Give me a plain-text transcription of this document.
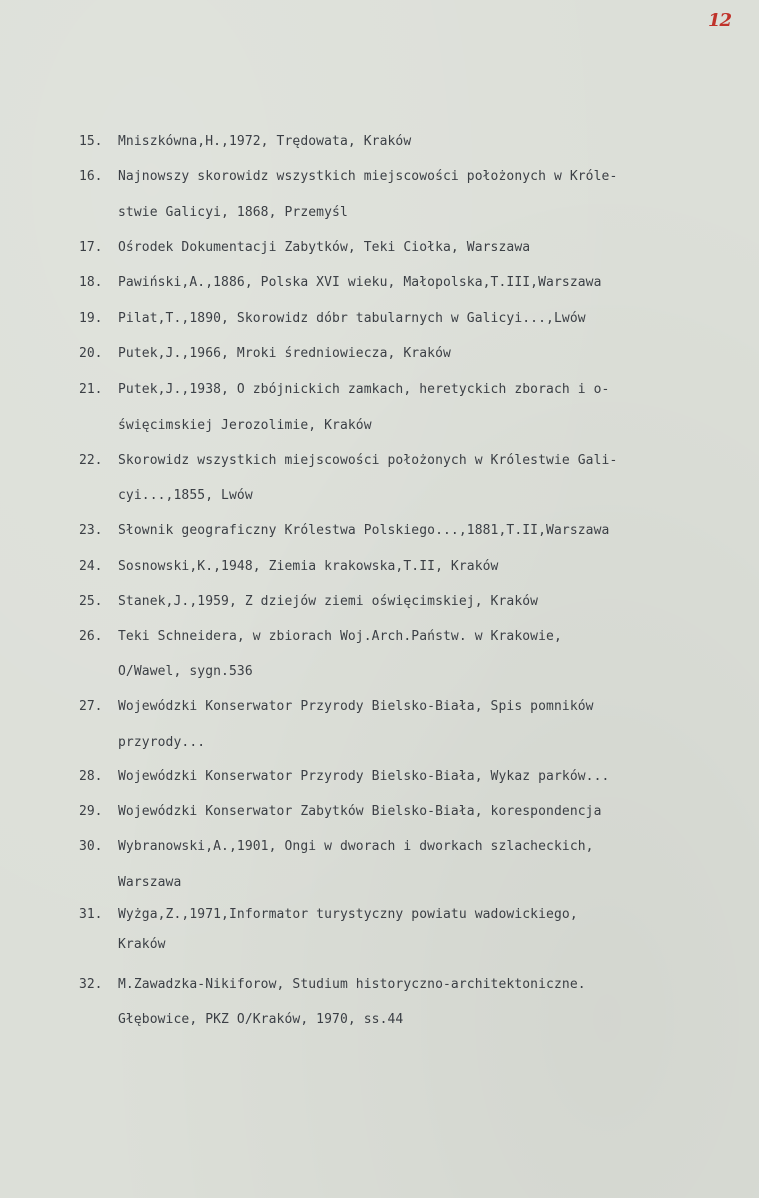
12
15.	Mniszkówna,H.,1972, Trędowata, Kraków
16.	Najnowszy skorowidz wszystkich miejscowości położonych w Króle-
stwie Galicyi, 1868, Przemyśl
17.	Ośrodek Dokumentacji Zabytków, Teki Ciołka, Warszawa
18.	Pawiński,A.,1886, Polska XVI wieku, Małopolska,T.III,Warszawa
19.	Pilat,T.,1890, Skorowidz dóbr tabularnych w Galicyi...,Lwów
20.	Putek,J.,1966, Mroki średniowiecza, Kraków
21.	Putek,J.,1938, O zbójnickich zamkach, heretyckich zborach i o-
święcimskiej Jerozolimie, Kraków
22.	Skorowidz wszystkich miejscowości położonych w Królestwie Gali-
cyi...,1855, Lwów
23.	Słownik geograficzny Królestwa Polskiego...,1881,T.II,Warszawa
24.	Sosnowski,K.,1948, Ziemia krakowska,T.II, Kraków
25.	Stanek,J.,1959, Z dziejów ziemi oświęcimskiej, Kraków
26.	Teki Schneidera, w zbiorach Woj.Arch.Państw. w Krakowie,
O/Wawel, sygn.536
27.	Wojewódzki Konserwator Przyrody Bielsko-Biała, Spis pomników
przyrody...
28.	Wojewódzki Konserwator Przyrody Bielsko-Biała, Wykaz parków...
29.	Wojewódzki Konserwator Zabytków Bielsko-Biała, korespondencja
30.	Wybranowski,A.,1901, Ongi w dworach i dworkach szlacheckich,
Warszawa
31.	Wyżga,Z.,1971,Informator turystyczny powiatu wadowickiego,
Kraków
32.	M.Zawadzka-Nikiforow, Studium historyczno-architektoniczne.
Głębowice, PKZ O/Kraków, 1970, ss.44
